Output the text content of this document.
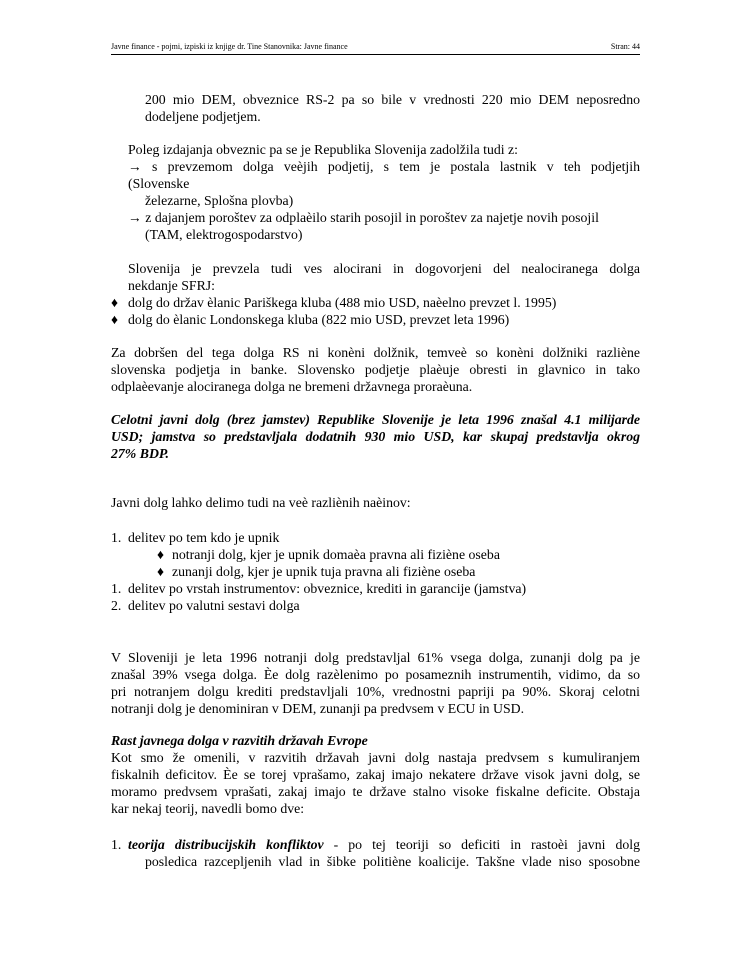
Javne finance - pojmi, izpiski iz knjige dr. Tine Stanovnika: Javne finance	Stran: 44
200 mio DEM, obveznice RS-2 pa so bile v vrednosti 220 mio DEM neposredno
dodeljene podjetjem.
Poleg izdajanja obveznic pa se je Republika Slovenija zadolžila tudi z:
→ s prevzemom dolga veèjih podjetij, s tem je postala lastnik v teh podjetjih
(Slovenske
železarne, Splošna plovba)
→ z dajanjem poroštev za odplaèilo starih posojil in poroštev za najetje novih posojil
(TAM, elektrogospodarstvo)
Slovenija je prevzela tudi ves alocirani in dogovorjeni del nealociranega dolga
nekdanje SFRJ:
♦ dolg do držav èlanic Pariškega kluba (488 mio USD, naèelno prevzet l. 1995)
♦ dolg do èlanic Londonskega kluba (822 mio USD, prevzet leta 1996)
Za dobršen del tega dolga RS ni konèni dolžnik, temveè so konèni dolžniki razliène
slovenska podjetja in banke. Slovensko podjetje plaèuje obresti in glavnico in tako
odplaèevanje alociranega dolga ne bremeni državnega proraèuna.
Celotni javni dolg (brez jamstev) Republike Slovenije je leta 1996 znašal 4.1 milijarde
USD; jamstva so predstavljala dodatnih 930 mio USD, kar skupaj predstavlja okrog
27% BDP.
Javni dolg lahko delimo tudi na veè razliènih naèinov:
1. delitev po tem kdo je upnik
♦ notranji dolg, kjer je upnik domaèa pravna ali fiziène oseba
♦ zunanji dolg, kjer je upnik tuja pravna ali fiziène oseba
1. delitev po vrstah instrumentov: obveznice, krediti in garancije (jamstva)
2. delitev po valutni sestavi dolga
V Sloveniji je leta 1996 notranji dolg predstavljal 61% vsega dolga, zunanji dolg pa je
znašal 39% vsega dolga. Èe dolg razèlenimo po posameznih instrumentih, vidimo, da so
pri notranjem dolgu krediti predstavljali 10%, vrednostni papriji pa 90%. Skoraj celotni
notranji dolg je denominiran v DEM, zunanji pa predvsem v ECU in USD.
Rast javnega dolga v razvitih državah Evrope
Kot smo že omenili, v razvitih državah javni dolg nastaja predvsem s kumuliranjem
fiskalnih deficitov. Èe se torej vprašamo, zakaj imajo nekatere države visok javni dolg, se
moramo predvsem vprašati, zakaj imajo te države stalno visoke fiskalne deficite. Obstaja
kar nekaj teorij, navedli bomo dve:
1. teorija distribucijskih konfliktov - po tej teoriji so deficiti in rastoèi javni dolg
posledica razcepljenih vlad in šibke politiène koalicije. Takšne vlade niso sposobne
